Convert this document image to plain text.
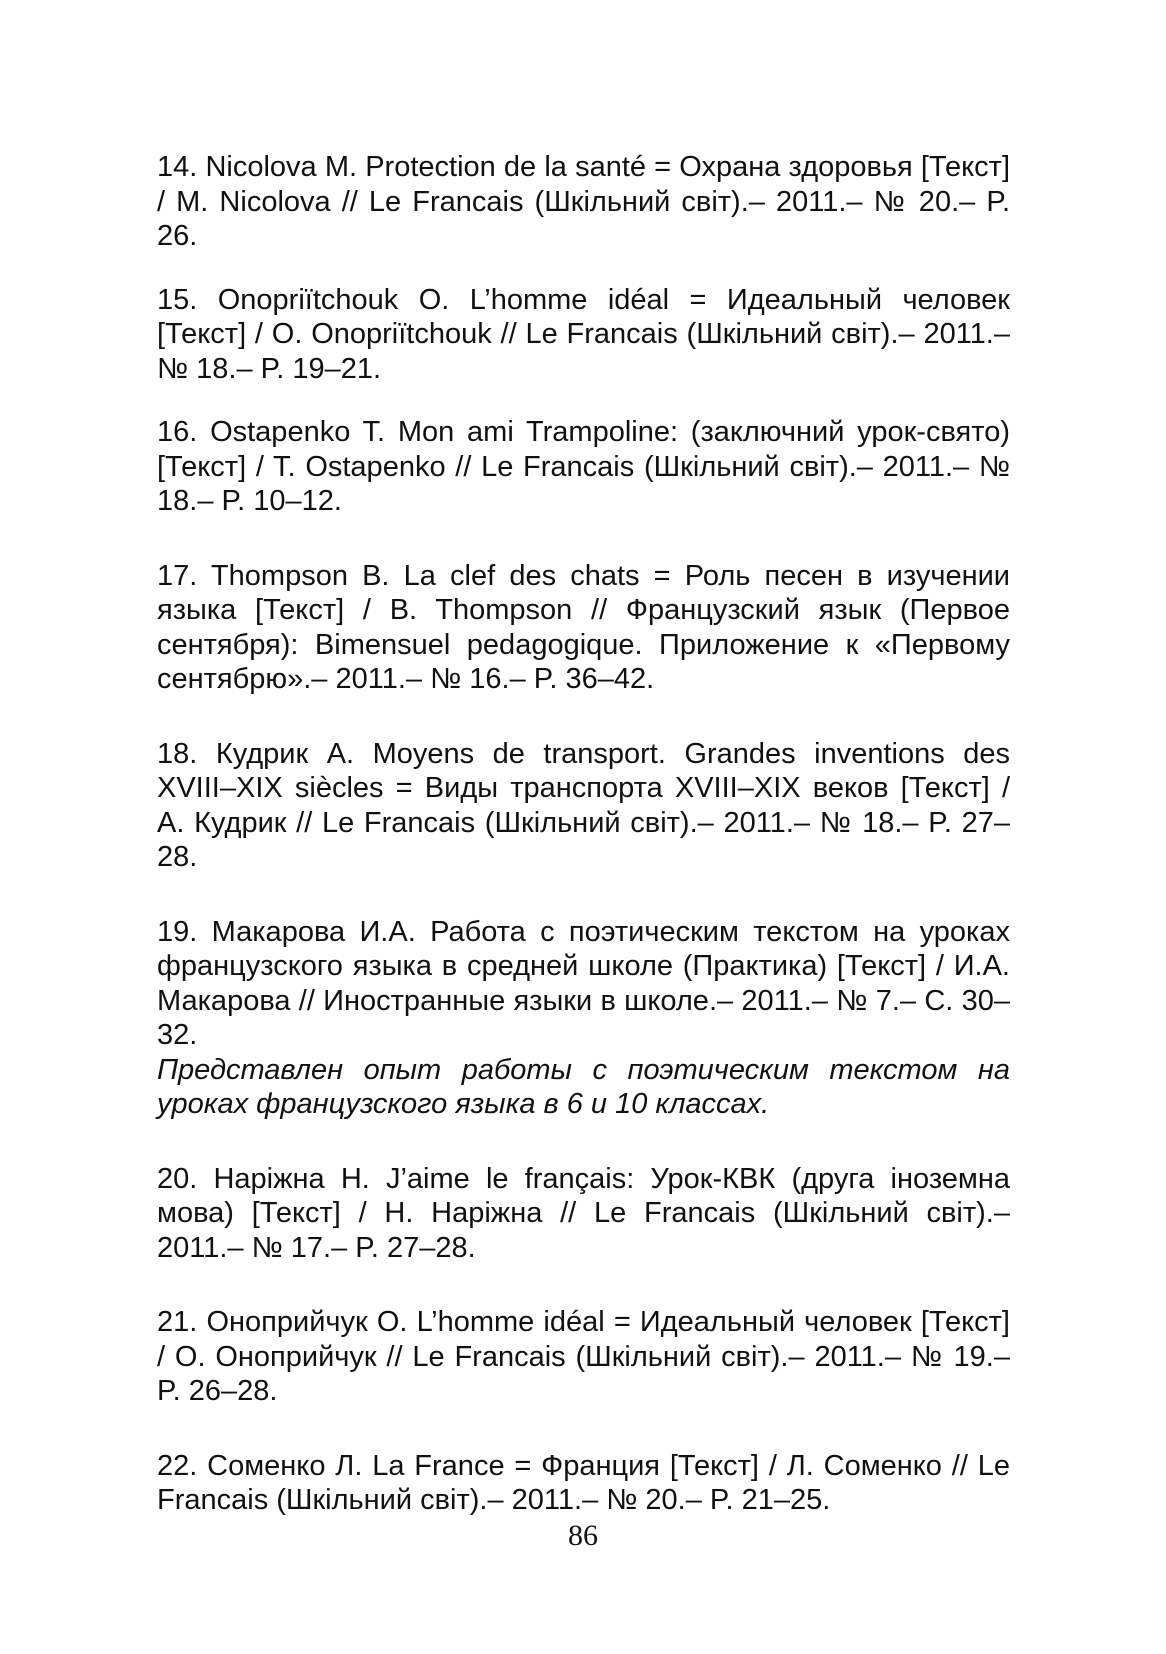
14. Nicolova M. Protection de la santé = Охрана здоровья [Текст] / M. Nicolova // Le Francais (Шкільний світ).– 2011.– № 20.– P. 26.

15. Onopriïtchouk O. L’homme idéal = Идеальный человек [Текст] / O. Onopriïtchouk // Le Francais (Шкільний світ).– 2011.– № 18.– P. 19–21.

16. Ostapenko T. Mon ami Trampoline: (заключний урок-свято) [Текст] / T. Ostapenko // Le Francais (Шкільний світ).– 2011.– № 18.– P. 10–12.

17. Thompson B. La clef des chats = Роль песен в изучении языка [Текст] / B. Thompson // Французский язык (Первое сентября): Bimensuel pedagogique. Приложение к «Первому сентябрю».– 2011.– № 16.– P. 36–42.

18. Кудрик А. Moyens de transport. Grandes inventions des XVIII–XIX siècles = Виды транспорта XVIII–XIX веков [Текст] / А. Кудрик // Le Francais (Шкільний світ).– 2011.– № 18.– P. 27–28.

19. Макарова И.А. Работа с поэтическим текстом на уроках французского языка в средней школе (Практика) [Текст] / И.А. Макарова // Иностранные языки в школе.– 2011.– № 7.– С. 30–32.

Представлен опыт работы с поэтическим текстом на уроках французского языка в 6 и 10 классах.

20. Наріжна Н. J’aime le français: Урок-КВК (друга іноземна мова) [Текст] / Н. Наріжна // Le Francais (Шкільний світ).– 2011.– № 17.– P. 27–28.

21. Оноприйчук О. L’homme idéal = Идеальный человек [Текст] / О. Оноприйчук // Le Francais (Шкільний світ).– 2011.– № 19.– P. 26–28.

22. Соменко Л. La France = Франция [Текст] / Л. Соменко // Le Francais (Шкільний світ).– 2011.– № 20.– P. 21–25.

86
